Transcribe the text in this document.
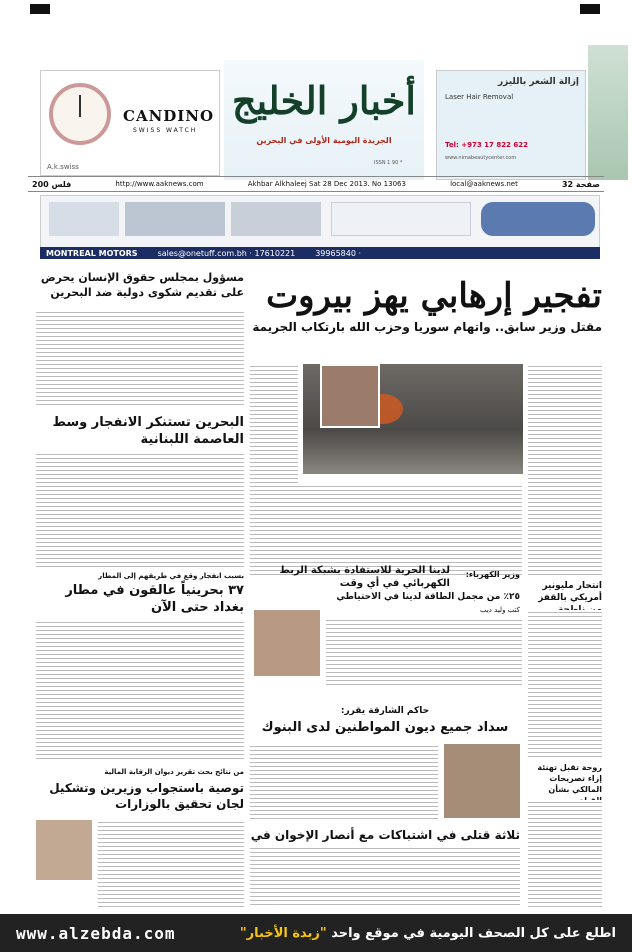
CANDINO
SWISS WATCH
A.k.swiss
أخبار الخليج
الجريدة اليومية الأولى في البحرين
ISSN 1 90 *
إزالة الشعر بالليزر
Laser Hair Removal
Tel: +973 17 822 622
www.nimabeautycenter.com
200 فلس	http://www.aaknews.com	Akhbar Alkhaleej Sat 28 Dec 2013. No 13063	local@aaknews.net	32 صفحة
MONTREAL MOTORS	sales@onetuff.com.bh · 17610221	39965840 ·
تفجير إرهابي يهز بيروت
مقتل وزير سابق.. واتهام سوريا وحزب الله بارتكاب الجريمة
مسؤول بمجلس حقوق الإنسان يحرض على تقديم شكوى دولية ضد البحرين
البحرين تستنكر الانفجار وسط العاصمة اللبنانية
بسبب انفجار وقع في طريقهم إلى المطار
٣٧ بحرينياً عالقون في مطار بغداد حتى الآن
وزير الكهرباء:
لدينا الحرية للاستفادة بشبكة الربط الكهربائي في أي وقت
٢٥٪ من مجمل الطاقة لدينا في الاحتياطي
كتب وليد ديب
حاكم الشارقة يقرر:
سداد جميع ديون المواطنين لدى البنوك
انتحار مليونير أمريكي بالقفز
روحة تقبل تهنئة إزاء تصريحات المالكي بشأن
من نتائج بحث تقرير ديوان الرقابة المالية
توصية باستجواب وزيرين وتشكيل لجان تحقيق بالوزارات
ثلاثة قتلى في اشتباكات مع أنصار الإخوان في
www.alzebda.com	اطلع على كل الصحف اليومية في موقع واحد "زبدة الأخبار"
